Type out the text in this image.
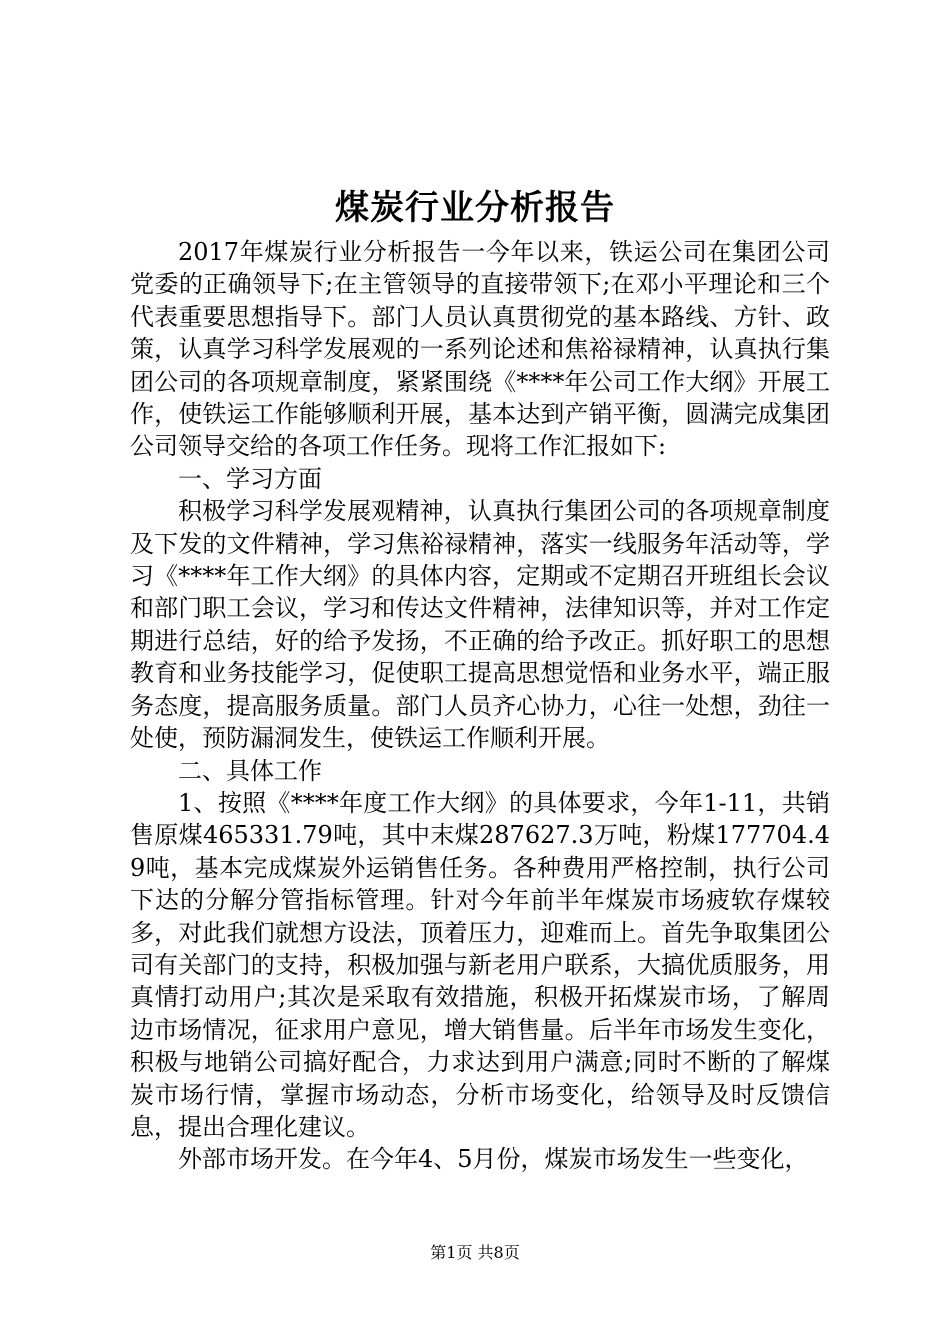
煤炭行业分析报告

2017年煤炭行业分析报告一今年以来，铁运公司在集团公司党委的正确领导下;在主管领导的直接带领下;在邓小平理论和三个代表重要思想指导下。部门人员认真贯彻党的基本路线、方针、政策，认真学习科学发展观的一系列论述和焦裕禄精神，认真执行集团公司的各项规章制度，紧紧围绕《****年公司工作大纲》开展工作，使铁运工作能够顺利开展，基本达到产销平衡，圆满完成集团公司领导交给的各项工作任务。现将工作汇报如下:

一、学习方面

积极学习科学发展观精神，认真执行集团公司的各项规章制度及下发的文件精神，学习焦裕禄精神，落实一线服务年活动等，学习《****年工作大纲》的具体内容，定期或不定期召开班组长会议和部门职工会议，学习和传达文件精神，法律知识等，并对工作定期进行总结，好的给予发扬，不正确的给予改正。抓好职工的思想教育和业务技能学习，促使职工提高思想觉悟和业务水平，端正服务态度，提高服务质量。部门人员齐心协力，心往一处想，劲往一处使，预防漏洞发生，使铁运工作顺利开展。

二、具体工作

1、按照《****年度工作大纲》的具体要求，今年1-11，共销售原煤465331.79吨，其中末煤287627.3万吨，粉煤177704.49吨，基本完成煤炭外运销售任务。各种费用严格控制，执行公司下达的分解分管指标管理。针对今年前半年煤炭市场疲软存煤较多，对此我们就想方设法，顶着压力，迎难而上。首先争取集团公司有关部门的支持，积极加强与新老用户联系，大搞优质服务，用真情打动用户;其次是采取有效措施，积极开拓煤炭市场，了解周边市场情况，征求用户意见，增大销售量。后半年市场发生变化，积极与地销公司搞好配合，力求达到用户满意;同时不断的了解煤炭市场行情，掌握市场动态，分析市场变化，给领导及时反馈信息，提出合理化建议。

外部市场开发。在今年4、5月份，煤炭市场发生一些变化，

第1页 共8页
